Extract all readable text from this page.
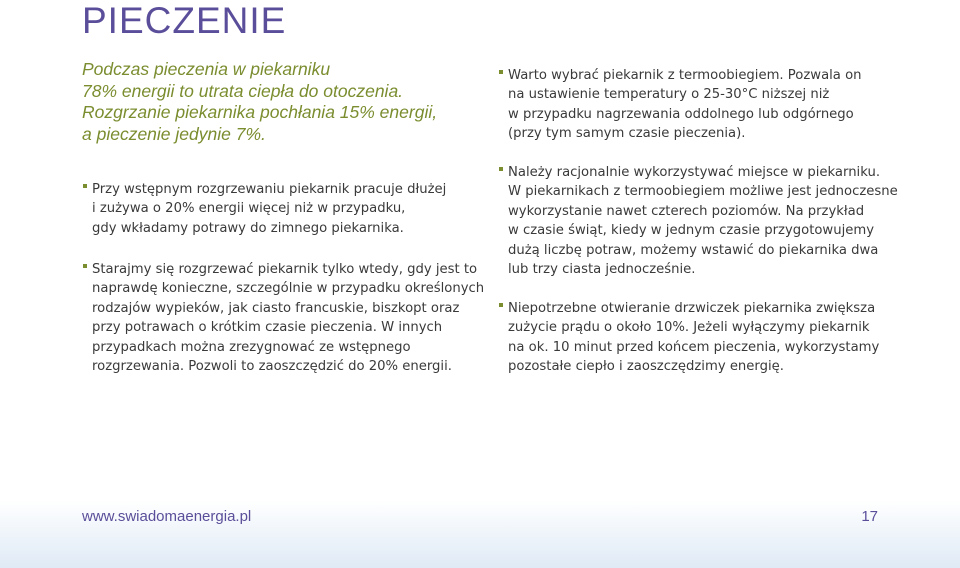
PIECZENIE
Podczas pieczenia w piekarniku
78% energii to utrata ciepła do otoczenia.
Rozgrzanie piekarnika pochłania 15% energii,
a pieczenie jedynie 7%.
Przy wstępnym rozgrzewaniu piekarnik pracuje dłużej
i zużywa o 20% energii więcej niż w przypadku,
gdy wkładamy potrawy do zimnego piekarnika.
Starajmy się rozgrzewać piekarnik tylko wtedy, gdy jest to
naprawdę konieczne, szczególnie w przypadku określonych
rodzajów wypieków, jak ciasto francuskie, biszkopt oraz
przy potrawach o krótkim czasie pieczenia. W innych
przypadkach można zrezygnować ze wstępnego
rozgrzewania. Pozwoli to zaoszczędzić do 20% energii.
Warto wybrać piekarnik z termoobiegiem. Pozwala on
na ustawienie temperatury o 25-30°C niższej niż
w przypadku nagrzewania oddolnego lub odgórnego
(przy tym samym czasie pieczenia).
Należy racjonalnie wykorzystywać miejsce w piekarniku.
W piekarnikach z termoobiegiem możliwe jest jednoczesne
wykorzystanie nawet czterech poziomów. Na przykład
w czasie świąt, kiedy w jednym czasie przygotowujemy
dużą liczbę potraw, możemy wstawić do piekarnika dwa
lub trzy ciasta jednocześnie.
Niepotrzebne otwieranie drzwiczek piekarnika zwiększa
zużycie prądu o około 10%. Jeżeli wyłączymy piekarnik
na ok. 10 minut przed końcem pieczenia, wykorzystamy
pozostałe ciepło i zaoszczędzimy energię.
www.swiadomaenergia.pl	17
